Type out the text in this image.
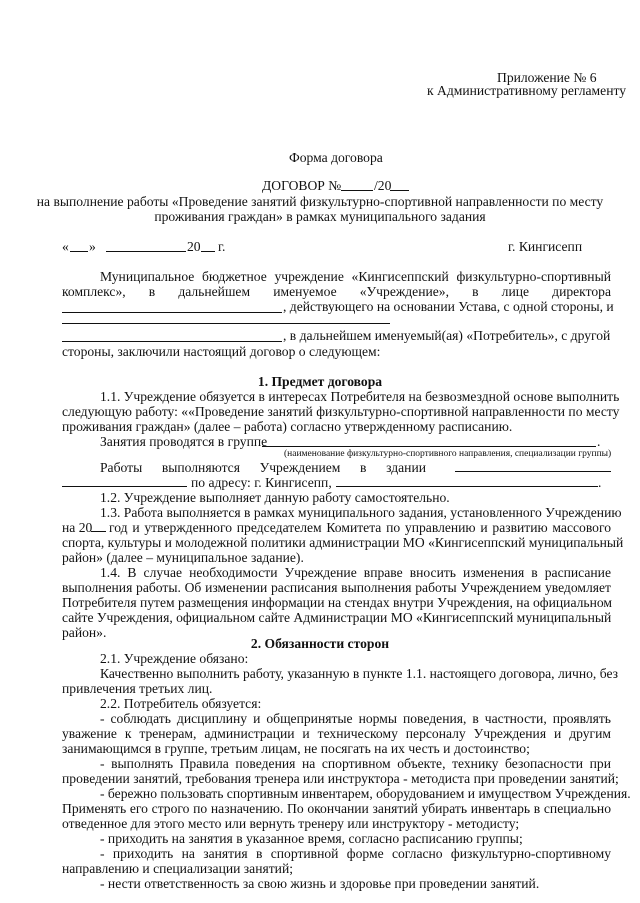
Приложение № 6
к Административному регламенту
Форма договора
ДОГОВОР № /20
на выполнение работы «Проведение занятий физкультурно-спортивной направленности по месту
проживания граждан» в рамках муниципального задания
« »	20 г.	г. Кингисепп
Муниципальное бюджетное учреждение «Кингисеппский физкультурно-спортивный
комплекс», в дальнейшем именуемое «Учреждение», в лице директора
, действующего на основании Устава, с одной стороны, и
, в дальнейшем именуемый(ая) «Потребитель», с другой
стороны, заключили настоящий договор о следующем:
1. Предмет договора
1.1. Учреждение обязуется в интересах Потребителя на безвозмездной основе выполнить
следующую работу: ««Проведение занятий физкультурно-спортивной направленности по месту
проживания граждан» (далее – работа) согласно утвержденному расписанию.
Занятия проводятся в группе	.
(наименование физкультурно-спортивного направления, специализации группы)
Работы выполняются Учреждением в здании
по адресу: г. Кингисепп,	.
1.2. Учреждение выполняет данную работу самостоятельно.
1.3. Работа выполняется в рамках муниципального задания, установленного Учреждению
на 20 год и утвержденного председателем Комитета по управлению и развитию массового
спорта, культуры и молодежной политики администрации МО «Кингисеппский муниципальный
район» (далее – муниципальное задание).
1.4. В случае необходимости Учреждение вправе вносить изменения в расписание
выполнения работы. Об изменении расписания выполнения работы Учреждением уведомляет
Потребителя путем размещения информации на стендах внутри Учреждения, на официальном
сайте Учреждения, официальном сайте Администрации МО «Кингисеппский муниципальный
район».
2. Обязанности сторон
2.1. Учреждение обязано:
Качественно выполнить работу, указанную в пункте 1.1. настоящего договора, лично, без
привлечения третьих лиц.
2.2. Потребитель обязуется:
- соблюдать дисциплину и общепринятые нормы поведения, в частности, проявлять
уважение к тренерам, администрации и техническому персоналу Учреждения и другим
занимающимся в группе, третьим лицам, не посягать на их честь и достоинство;
- выполнять Правила поведения на спортивном объекте, технику безопасности при
проведении занятий, требования тренера или инструктора - методиста при проведении занятий;
- бережно пользовать спортивным инвентарем, оборудованием и имуществом Учреждения.
Применять его строго по назначению. По окончании занятий убирать инвентарь в специально
отведенное для этого место или вернуть тренеру или инструктору - методисту;
- приходить на занятия в указанное время, согласно расписанию группы;
- приходить на занятия в спортивной форме согласно физкультурно-спортивному
направлению и специализации занятий;
- нести ответственность за свою жизнь и здоровье при проведении занятий.
